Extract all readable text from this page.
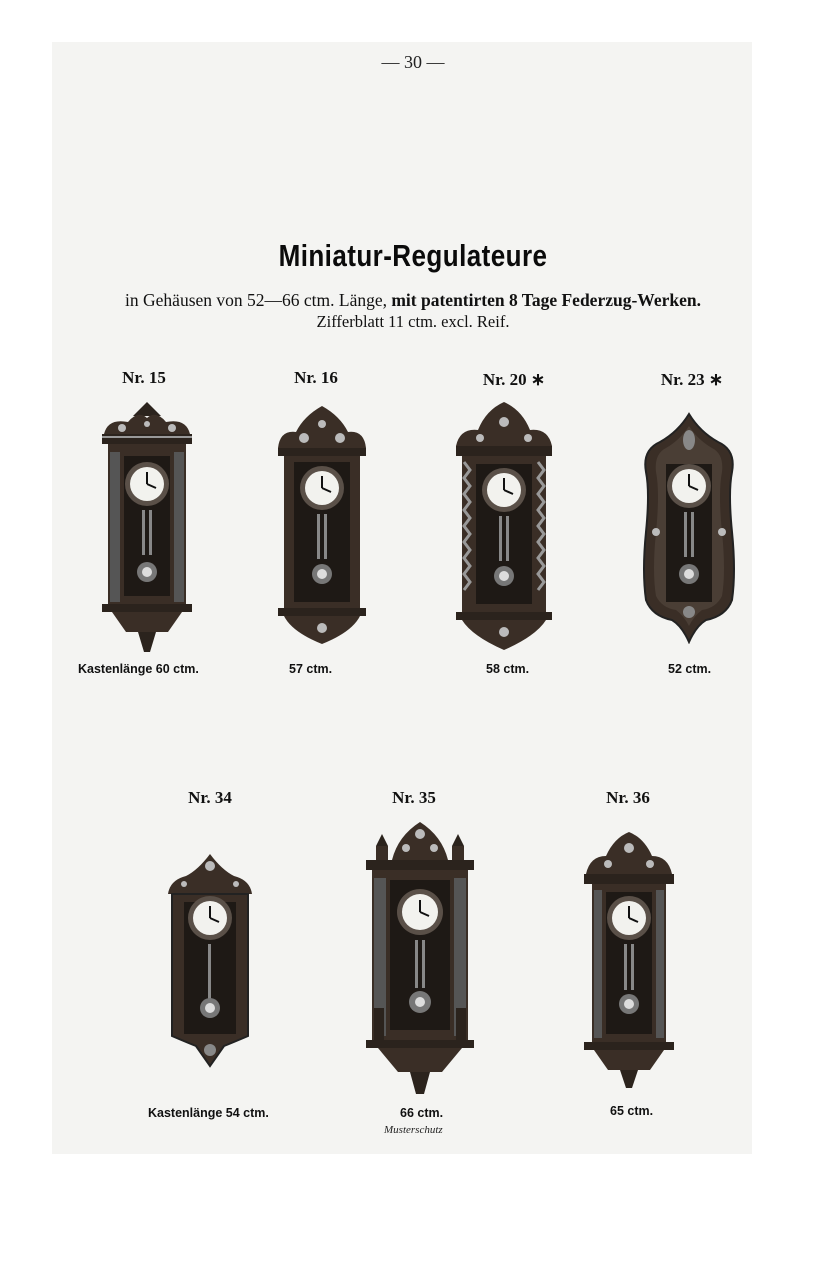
— 30 —
Miniatur-Regulateure
in Gehäusen von 52—66 ctm. Länge, mit patentirten 8 Tage Federzug-Werken.
Zifferblatt 11 ctm. excl. Reif.
Nr. 15	Nr. 16	Nr. 20 ∗	Nr. 23 ∗
Kastenlänge 60 ctm.	57 ctm.	58 ctm.	52 ctm.
Nr. 34	Nr. 35	Nr. 36
Kastenlänge 54 ctm.	66 ctm.
Musterschutz
65 ctm.
